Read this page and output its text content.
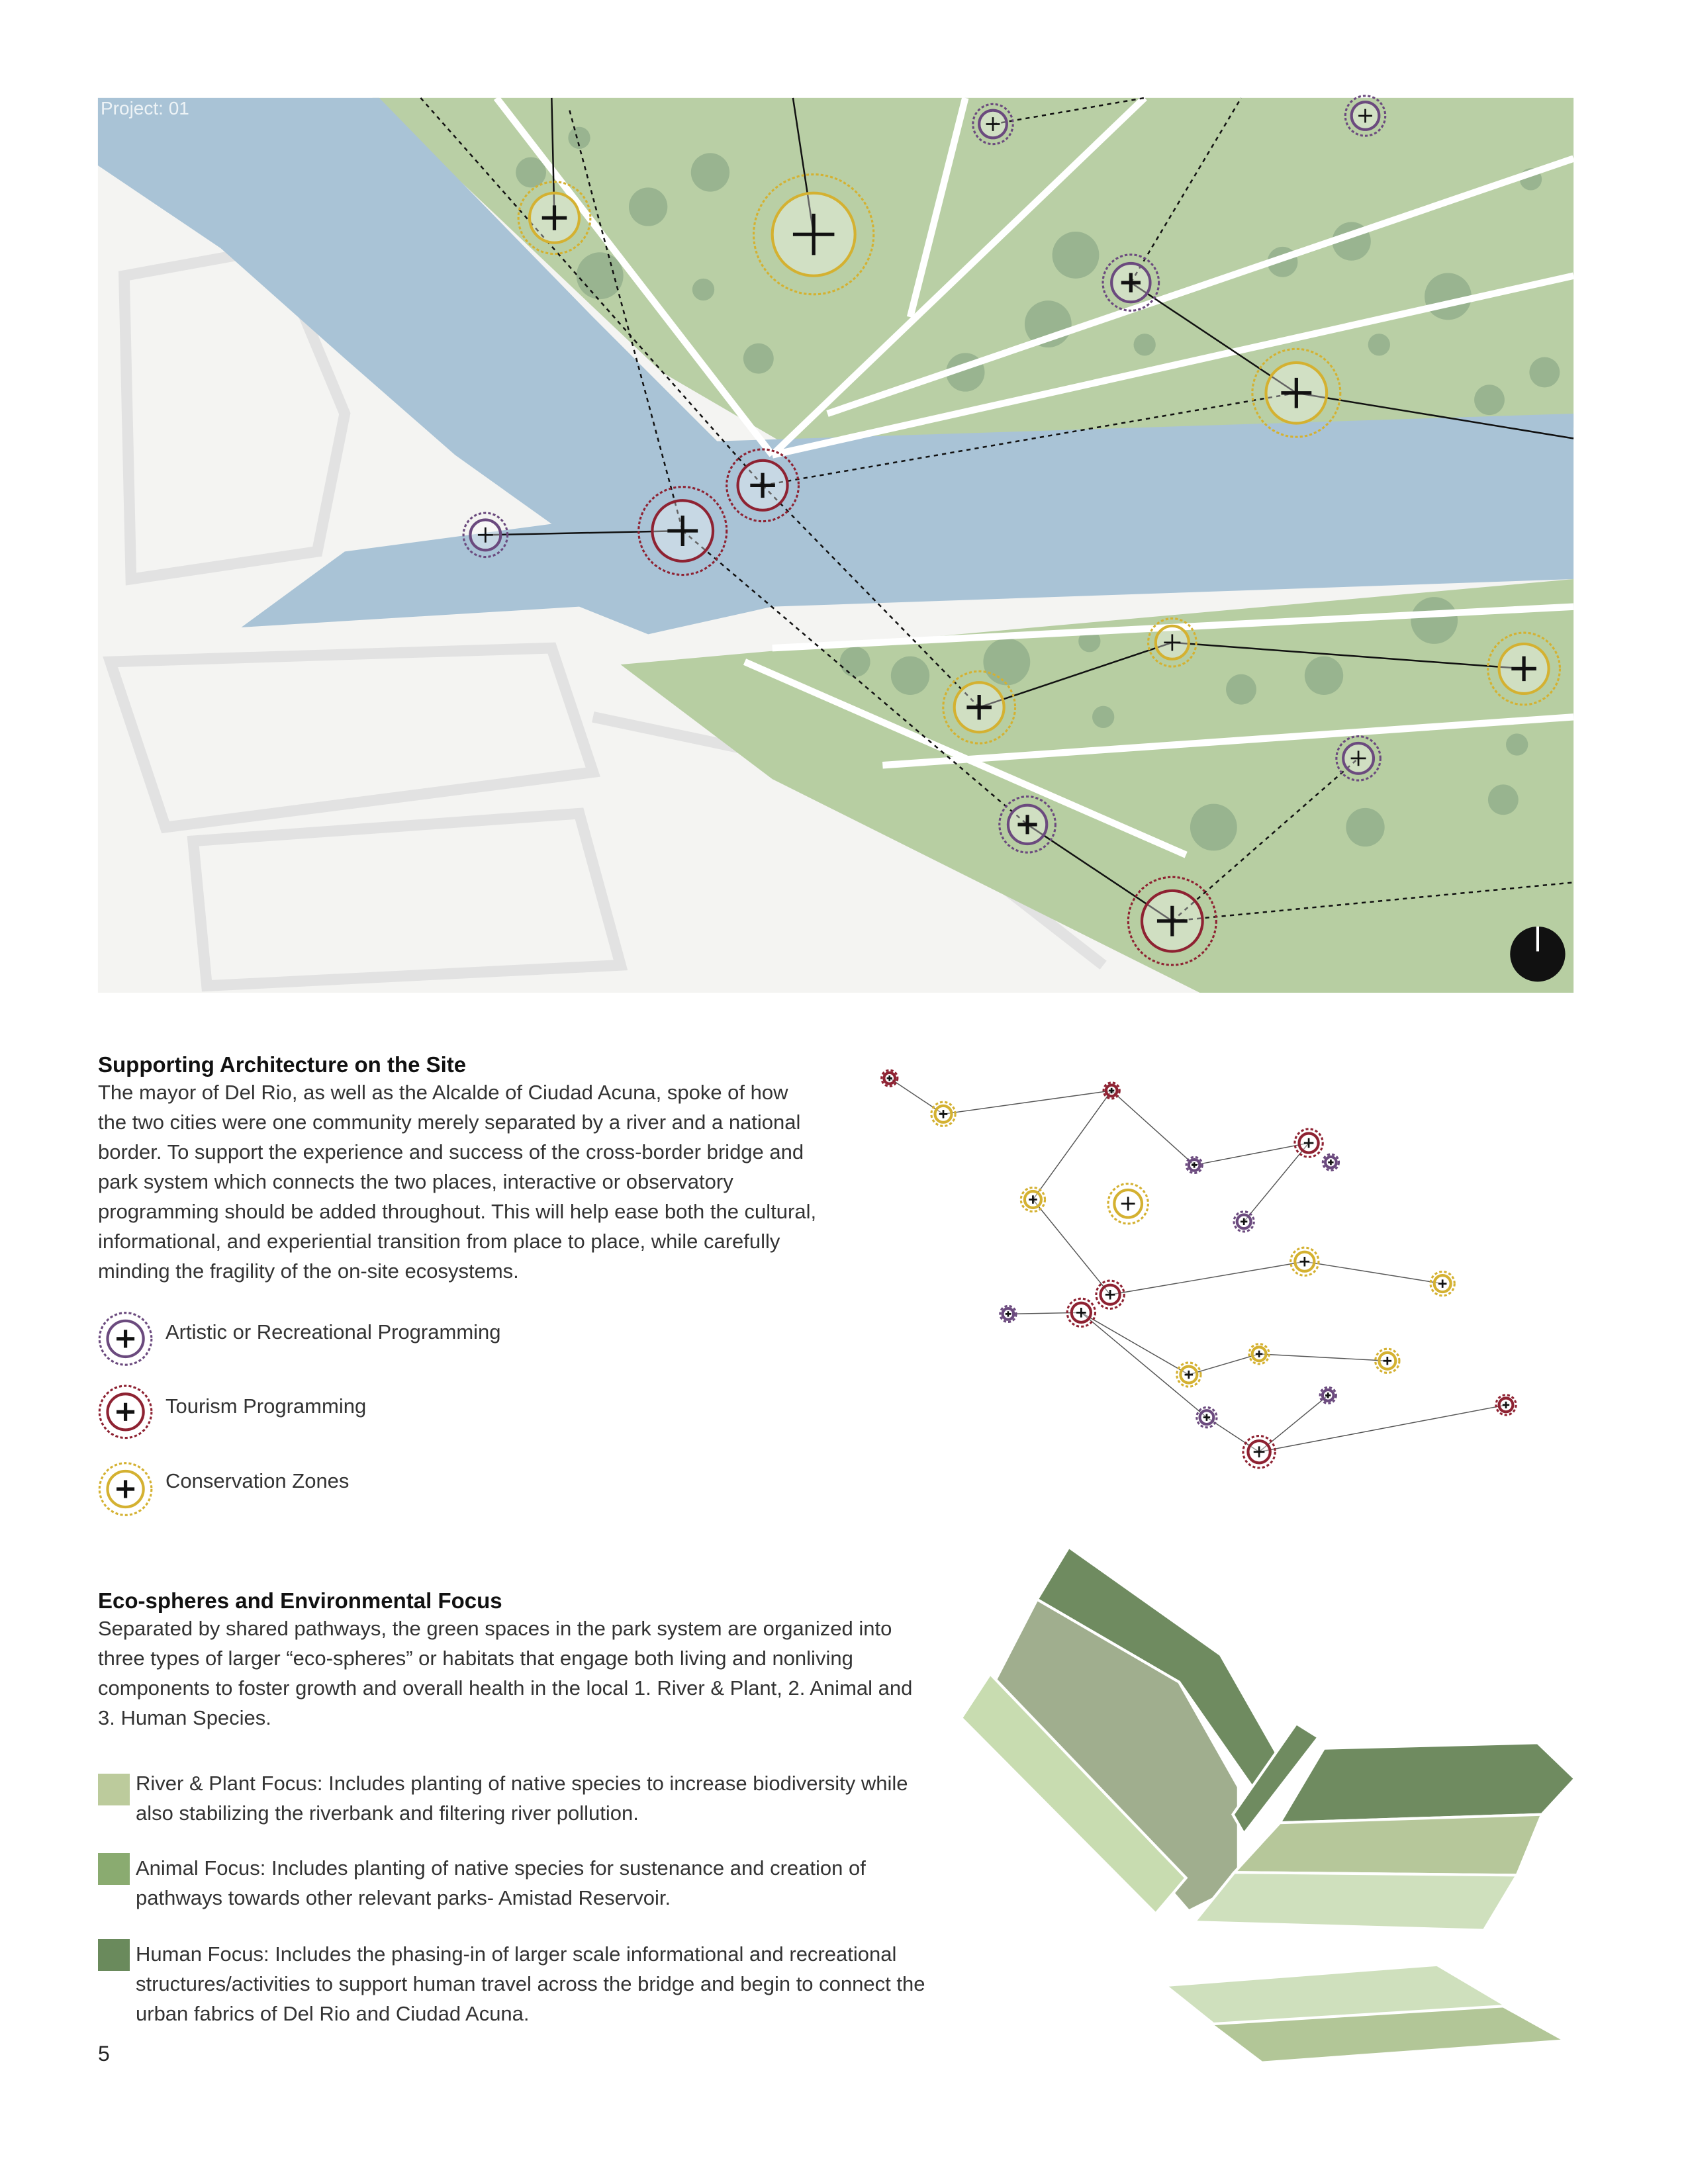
Project: 01
Supporting Architecture on the Site

The mayor of Del Rio, as well as the Alcalde of Ciudad Acuna, spoke of how the two cities were one community merely separated by a river and a national border. To support the experience and success of the cross-border bridge and park system which connects the two places, interactive or observatory programming should be added throughout. This will help ease both the cultural, informational, and experiential transition from place to place, while carefully minding the fragility of the on-site ecosystems.

Artistic or Recreational Programming
Tourism Programming
Conservation Zones
Eco-spheres and Environmental Focus

Separated by shared pathways, the green spaces in the park system are organized into three types of larger “eco-spheres” or habitats that engage both living and nonliving components to foster growth and overall health in the local 1. River & Plant, 2. Animal and 3. Human Species.

River & Plant Focus: Includes planting of native species to increase biodiversity while also stabilizing the riverbank and filtering river pollution.
Animal Focus: Includes planting of native species for sustenance and creation of pathways towards other relevant parks- Amistad Reservoir.
Human Focus: Includes the phasing-in of larger scale informational and recreational structures/activities to support human travel across the bridge and begin to connect the urban fabrics of Del Rio and Ciudad Acuna.
5
